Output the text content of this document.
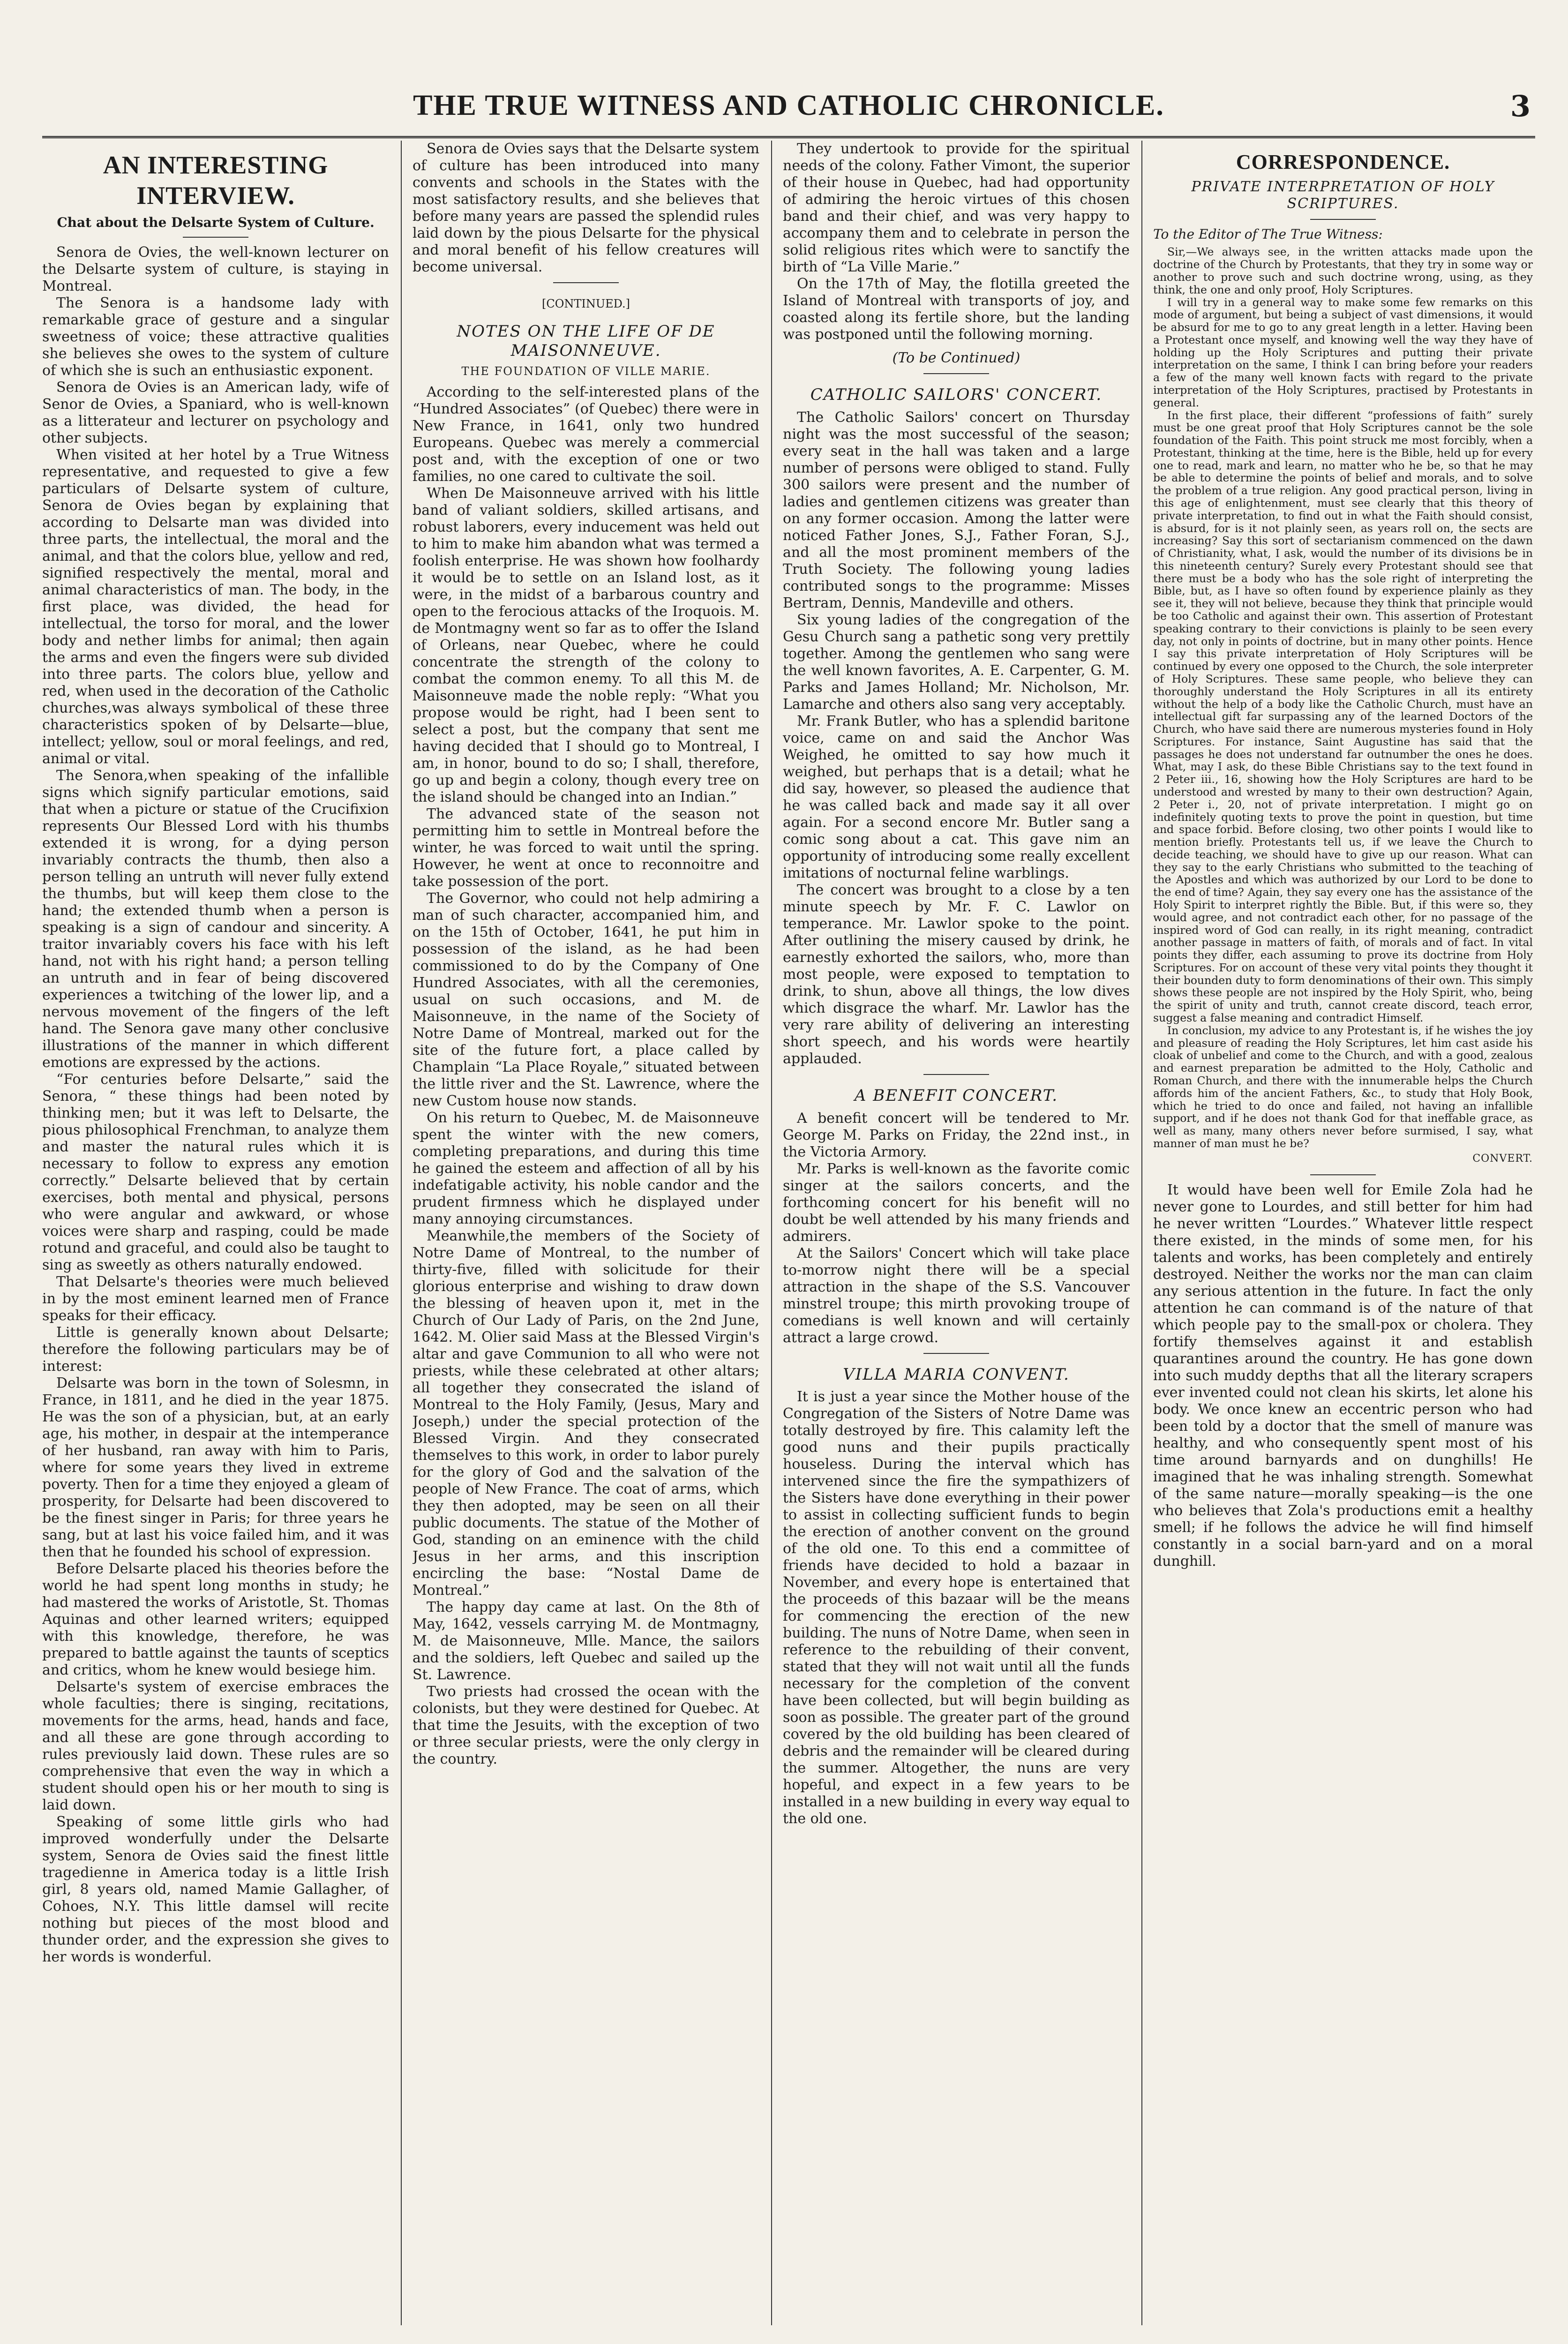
THE TRUE WITNESS AND CATHOLIC CHRONICLE.	3
AN INTERESTING INTERVIEW.
Chat about the Delsarte System of Culture.

Senora de Ovies, the well-known lecturer on the Delsarte system of culture, is staying in Montreal.

The Senora is a handsome lady with remarkable grace of gesture and a singular sweetness of voice; these attractive qualities she believes she owes to the system of culture of which she is such an enthusiastic exponent.

Senora de Ovies is an American lady, wife of Senor de Ovies, a Spaniard, who is well-known as a litterateur and lecturer on psychology and other subjects.

When visited at her hotel by a True Witness representative, and requested to give a few particulars of Delsarte system of culture, Senora de Ovies began by explaining that according to Delsarte man was divided into three parts, the intellectual, the moral and the animal, and that the colors blue, yellow and red, signified respectively the mental, moral and animal characteristics of man. The body, in the first place, was divided, the head for intellectual, the torso for moral, and the lower body and nether limbs for animal; then again the arms and even the fingers were sub divided into three parts. The colors blue, yellow and red, when used in the decoration of the Catholic churches,was always symbolical of these three characteristics spoken of by Delsarte—blue, intellect; yellow, soul or moral feelings, and red, animal or vital.

The Senora,when speaking of the infallible signs which signify particular emotions, said that when a picture or statue of the Crucifixion represents Our Blessed Lord with his thumbs extended it is wrong, for a dying person invariably contracts the thumb, then also a person telling an untruth will never fully extend the thumbs, but will keep them close to the hand; the extended thumb when a person is speaking is a sign of candour and sincerity. A traitor invariably covers his face with his left hand, not with his right hand; a person telling an untruth and in fear of being discovered experiences a twitching of the lower lip, and a nervous movement of the fingers of the left hand. The Senora gave many other conclusive illustrations of the manner in which different emotions are expressed by the actions.

“For centuries before Delsarte,” said the Senora, “ these things had been noted by thinking men; but it was left to Delsarte, the pious philosophical Frenchman, to analyze them and master the natural rules which it is necessary to follow to express any emotion correctly.” Delsarte believed that by certain exercises, both mental and physical, persons who were angular and awkward, or whose voices were sharp and rasping, could be made rotund and graceful, and could also be taught to sing as sweetly as others naturally endowed.

That Delsarte's theories were much believed in by the most eminent learned men of France speaks for their efficacy.

Little is generally known about Delsarte; therefore the following particulars may be of interest:

Delsarte was born in the town of Solesmn, in France, in 1811, and he died in the year 1875. He was the son of a physician, but, at an early age, his mother, in despair at the intemperance of her husband, ran away with him to Paris, where for some years they lived in extreme poverty. Then for a time they enjoyed a gleam of prosperity, for Delsarte had been discovered to be the finest singer in Paris; for three years he sang, but at last his voice failed him, and it was then that he founded his school of expression.

Before Delsarte placed his theories before the world he had spent long months in study; he had mastered the works of Aristotle, St. Thomas Aquinas and other learned writers; equipped with this knowledge, therefore, he was prepared to battle against the taunts of sceptics and critics, whom he knew would besiege him.

Delsarte's system of exercise embraces the whole faculties; there is singing, recitations, movements for the arms, head, hands and face, and all these are gone through according to rules previously laid down. These rules are so comprehensive that even the way in which a student should open his or her mouth to sing is laid down.

Speaking of some little girls who had improved wonderfully under the Delsarte system, Senora de Ovies said the finest little tragedienne in America today is a little Irish girl, 8 years old, named Mamie Gallagher, of Cohoes, N.Y. This little damsel will recite nothing but pieces of the most blood and thunder order, and the expression she gives to her words is wonderful.

Senora de Ovies says that the Delsarte system of culture has been introduced into many convents and schools in the States with the most satisfactory results, and she believes that before many years are passed the splendid rules laid down by the pious Delsarte for the physical and moral benefit of his fellow creatures will become universal.

[CONTINUED.]
NOTES ON THE LIFE OF DE MAISONNEUVE.
THE FOUNDATION OF VILLE MARIE.

According to the self-interested plans of the “Hundred Associates” (of Quebec) there were in New France, in 1641, only two hundred Europeans. Quebec was merely a commercial post and, with the exception of one or two families, no one cared to cultivate the soil.

When De Maisonneuve arrived with his little band of valiant soldiers, skilled artisans, and robust laborers, every inducement was held out to him to make him abandon what was termed a foolish enterprise. He was shown how foolhardy it would be to settle on an Island lost, as it were, in the midst of a barbarous country and open to the ferocious attacks of the Iroquois. M. de Montmagny went so far as to offer the Island of Orleans, near Quebec, where he could concentrate the strength of the colony to combat the common enemy. To all this M. de Maisonneuve made the noble reply: “What you propose would be right, had I been sent to select a post, but the company that sent me having decided that I should go to Montreal, I am, in honor, bound to do so; I shall, therefore, go up and begin a colony, though every tree on the island should be changed into an Indian.”

The advanced state of the season not permitting him to settle in Montreal before the winter, he was forced to wait until the spring. However, he went at once to reconnoitre and take possession of the port.

The Governor, who could not help admiring a man of such character, accompanied him, and on the 15th of October, 1641, he put him in possession of the island, as he had been commissioned to do by the Company of One Hundred Associates, with all the ceremonies, usual on such occasions, and M. de Maisonneuve, in the name of the Society of Notre Dame of Montreal, marked out for the site of the future fort, a place called by Champlain “La Place Royale,” situated between the little river and the St. Lawrence, where the new Custom house now stands.

On his return to Quebec, M. de Maisonneuve spent the winter with the new comers, completing preparations, and during this time he gained the esteem and affection of all by his indefatigable activity, his noble candor and the prudent firmness which he displayed under many annoying circumstances.

Meanwhile,the members of the Society of Notre Dame of Montreal, to the number of thirty-five, filled with solicitude for their glorious enterprise and wishing to draw down the blessing of heaven upon it, met in the Church of Our Lady of Paris, on the 2nd June, 1642. M. Olier said Mass at the Blessed Virgin's altar and gave Communion to all who were not priests, while these celebrated at other altars; all together they consecrated the island of Montreal to the Holy Family, (Jesus, Mary and Joseph,) under the special protection of the Blessed Virgin. And they consecrated themselves to this work, in order to labor purely for the glory of God and the salvation of the people of New France. The coat of arms, which they then adopted, may be seen on all their public documents. The statue of the Mother of God, standing on an eminence with the child Jesus in her arms, and this inscription encircling the base: “Nostal Dame de Montreal.”

The happy day came at last. On the 8th of May, 1642, vessels carrying M. de Montmagny, M. de Maisonneuve, Mlle. Mance, the sailors and the soldiers, left Quebec and sailed up the St. Lawrence.

Two priests had crossed the ocean with the colonists, but they were destined for Quebec. At that time the Jesuits, with the exception of two or three secular priests, were the only clergy in the country.

They undertook to provide for the spiritual needs of the colony. Father Vimont, the superior of their house in Quebec, had had opportunity of admiring the heroic virtues of this chosen band and their chief, and was very happy to accompany them and to celebrate in person the solid religious rites which were to sanctify the birth of “La Ville Marie.”

On the 17th of May, the flotilla greeted the Island of Montreal with transports of joy, and coasted along its fertile shore, but the landing was postponed until the following morning.

(To be Continued)
CATHOLIC SAILORS' CONCERT.

The Catholic Sailors' concert on Thursday night was the most successful of the season; every seat in the hall was taken and a large number of persons were obliged to stand. Fully 300 sailors were present and the number of ladies and gentlemen citizens was greater than on any former occasion. Among the latter were noticed Father Jones, S.J., Father Foran, S.J., and all the most prominent members of the Truth Society. The following young ladies contributed songs to the programme: Misses Bertram, Dennis, Mandeville and others.

Six young ladies of the congregation of the Gesu Church sang a pathetic song very prettily together. Among the gentlemen who sang were the well known favorites, A. E. Carpenter, G. M. Parks and James Holland; Mr. Nicholson, Mr. Lamarche and others also sang very acceptably.

Mr. Frank Butler, who has a splendid baritone voice, came on and said the Anchor Was Weighed, he omitted to say how much it weighed, but perhaps that is a detail; what he did say, however, so pleased the audience that he was called back and made say it all over again. For a second encore Mr. Butler sang a comic song about a cat. This gave nim an opportunity of introducing some really excellent imitations of nocturnal feline warblings.

The concert was brought to a close by a ten minute speech by Mr. F. C. Lawlor on temperance. Mr. Lawlor spoke to the point. After outlining the misery caused by drink, he earnestly exhorted the sailors, who, more than most people, were exposed to temptation to drink, to shun, above all things, the low dives which disgrace the wharf. Mr. Lawlor has the very rare ability of delivering an interesting short speech, and his words were heartily applauded.

A BENEFIT CONCERT.

A benefit concert will be tendered to Mr. George M. Parks on Friday, the 22nd inst., in the Victoria Armory.

Mr. Parks is well-known as the favorite comic singer at the sailors concerts, and the forthcoming concert for his benefit will no doubt be well attended by his many friends and admirers.

At the Sailors' Concert which will take place to-morrow night there will be a special attraction in the shape of the S.S. Vancouver minstrel troupe; this mirth provoking troupe of comedians is well known and will certainly attract a large crowd.

VILLA MARIA CONVENT.

It is just a year since the Mother house of the Congregation of the Sisters of Notre Dame was totally destroyed by fire. This calamity left the good nuns and their pupils practically houseless. During the interval which has intervened since the fire the sympathizers of the Sisters have done everything in their power to assist in collecting sufficient funds to begin the erection of another convent on the ground of the old one. To this end a committee of friends have decided to hold a bazaar in November, and every hope is entertained that the proceeds of this bazaar will be the means for commencing the erection of the new building. The nuns of Notre Dame, when seen in reference to the rebuilding of their convent, stated that they will not wait until all the funds necessary for the completion of the convent have been collected, but will begin building as soon as possible. The greater part of the ground covered by the old building has been cleared of debris and the remainder will be cleared during the summer. Altogether, the nuns are very hopeful, and expect in a few years to be installed in a new building in every way equal to the old one.

CORRESPONDENCE.
PRIVATE INTERPRETATION OF HOLY SCRIPTURES.
To the Editor of The True Witness:

Sir,—We always see, in the written attacks made upon the doctrine of the Church by Protestants, that they try in some way or another to prove such and such doctrine wrong, using, as they think, the one and only proof, Holy Scriptures.

I will try in a general way to make some few remarks on this mode of argument, but being a subject of vast dimensions, it would be absurd for me to go to any great length in a letter. Having been a Protestant once myself, and knowing well the way they have of holding up the Holy Scriptures and putting their private interpretation on the same, I think I can bring before your readers a few of the many well known facts with regard to the private interpretation of the Holy Scriptures, practised by Protestants in general.

In the first place, their different “professions of faith” surely must be one great proof that Holy Scriptures cannot be the sole foundation of the Faith. This point struck me most forcibly, when a Protestant, thinking at the time, here is the Bible, held up for every one to read, mark and learn, no matter who he be, so that he may be able to determine the points of belief and morals, and to solve the problem of a true religion. Any good practical person, living in this age of enlightenment, must see clearly that this theory of private interpretation, to find out in what the Faith should consist, is absurd, for is it not plainly seen, as years roll on, the sects are increasing? Say this sort of sectarianism commenced on the dawn of Christianity, what, I ask, would the number of its divisions be in this nineteenth century? Surely every Protestant should see that there must be a body who has the sole right of interpreting the Bible, but, as I have so often found by experience plainly as they see it, they will not believe, because they think that principle would be too Catholic and against their own. This assertion of Protestant speaking contrary to their convictions is plainly to be seen every day, not only in points of doctrine, but in many other points. Hence I say this private interpretation of Holy Scriptures will be continued by every one opposed to the Church, the sole interpreter of Holy Scriptures. These same people, who believe they can thoroughly understand the Holy Scriptures in all its entirety without the help of a body like the Catholic Church, must have an intellectual gift far surpassing any of the learned Doctors of the Church, who have said there are numerous mysteries found in Holy Scriptures. For instance, Saint Augustine has said that the passages he does not understand far outnumber the ones he does. What, may I ask, do these Bible Christians say to the text found in 2 Peter iii., 16, showing how the Holy Scriptures are hard to be understood and wrested by many to their own destruction? Again, 2 Peter i., 20, not of private interpretation. I might go on indefinitely quoting texts to prove the point in question, but time and space forbid. Before closing, two other points I would like to mention briefly. Protestants tell us, if we leave the Church to decide teaching, we should have to give up our reason. What can they say to the early Christians who submitted to the teaching of the Apostles and which was authorized by our Lord to be done to the end of time? Again, they say every one has the assistance of the Holy Spirit to interpret rightly the Bible. But, if this were so, they would agree, and not contradict each other, for no passage of the inspired word of God can really, in its right meaning, contradict another passage in matters of faith, of morals and of fact. In vital points they differ, each assuming to prove its doctrine from Holy Scriptures. For on account of these very vital points they thought it their bounden duty to form denominations of their own. This simply shows these people are not inspired by the Holy Spirit, who, being the spirit of unity and truth, cannot create discord, teach error, suggest a false meaning and contradict Himself.

In conclusion, my advice to any Protestant is, if he wishes the joy and pleasure of reading the Holy Scriptures, let him cast aside his cloak of unbelief and come to the Church, and with a good, zealous and earnest preparation be admitted to the Holy, Catholic and Roman Church, and there with the innumerable helps the Church affords him of the ancient Fathers, &c., to study that Holy Book, which he tried to do once and failed, not having an infallible support, and if he does not thank God for that ineffable grace, as well as many, many others never before surmised, I say, what manner of man must he be?

CONVERT.

It would have been well for Emile Zola had he never gone to Lourdes, and still better for him had he never written “Lourdes.” Whatever little respect there existed, in the minds of some men, for his talents and works, has been completely and entirely destroyed. Neither the works nor the man can claim any serious attention in the future. In fact the only attention he can command is of the nature of that which people pay to the small-pox or cholera. They fortify themselves against it and establish quarantines around the country. He has gone down into such muddy depths that all the literary scrapers ever invented could not clean his skirts, let alone his body. We once knew an eccentric person who had been told by a doctor that the smell of manure was healthy, and who consequently spent most of his time around barnyards and on dunghills! He imagined that he was inhaling strength. Somewhat of the same nature—morally speaking—is the one who believes that Zola's productions emit a healthy smell; if he follows the advice he will find himself constantly in a social barn-yard and on a moral dunghill.
